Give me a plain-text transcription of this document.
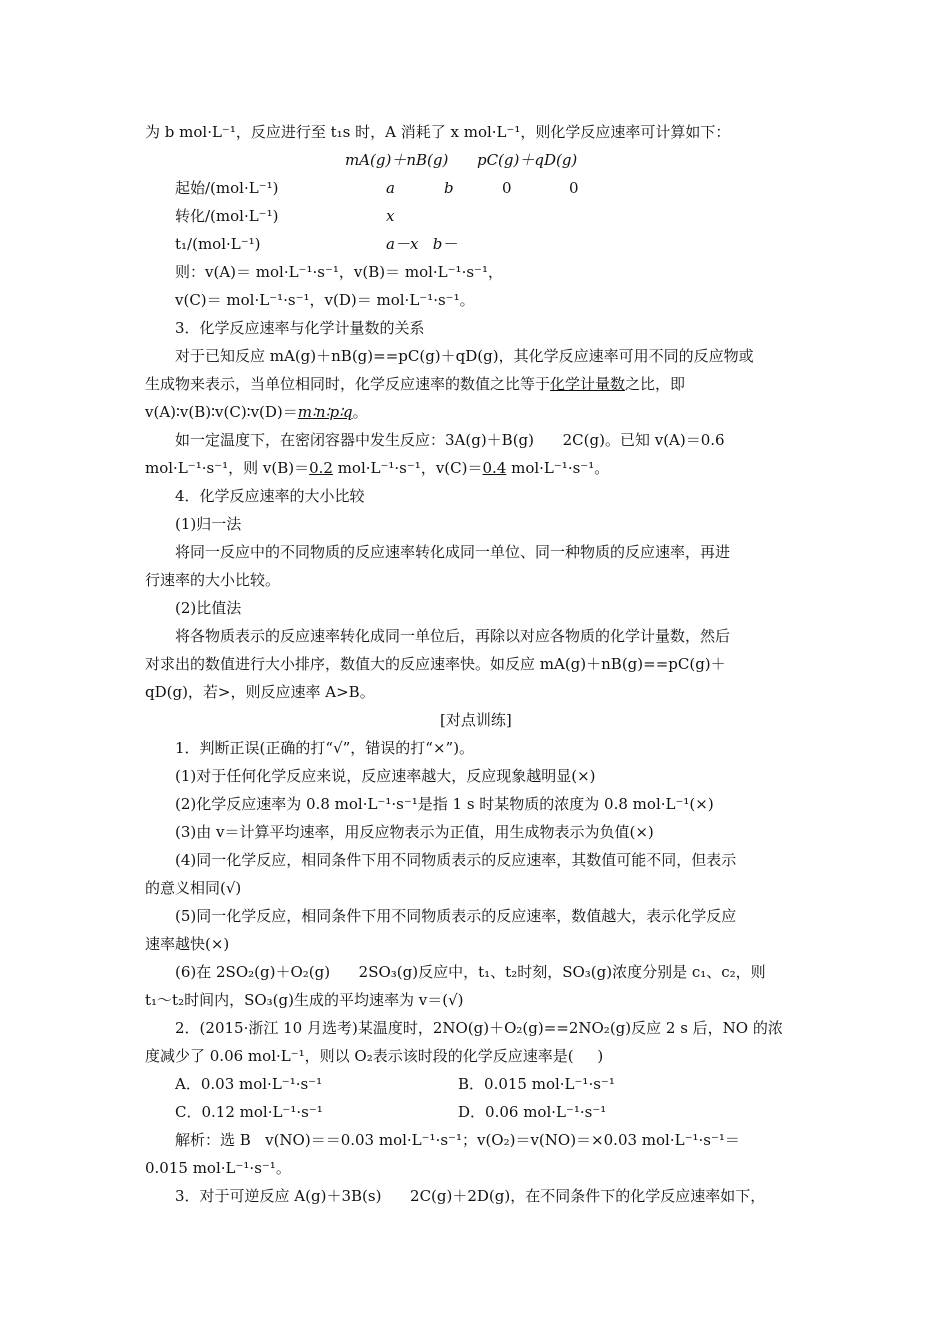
为 b mol·L⁻¹，反应进行至 t₁s 时，A 消耗了 x mol·L⁻¹，则化学反应速率可计算如下：
mA(g)＋nB(g)      pC(g)＋qD(g)
起始/(mol·L⁻¹)	a	b	0	0
转化/(mol·L⁻¹)	x
t₁/(mol·L⁻¹)	a－x   b－
则：v(A)＝ mol·L⁻¹·s⁻¹，v(B)＝ mol·L⁻¹·s⁻¹，
v(C)＝ mol·L⁻¹·s⁻¹，v(D)＝ mol·L⁻¹·s⁻¹。
3．化学反应速率与化学计量数的关系
对于已知反应 mA(g)＋nB(g)==pC(g)＋qD(g)，其化学反应速率可用不同的反应物或
生成物来表示，当单位相同时，化学反应速率的数值之比等于化学计量数之比，即
v(A)∶v(B)∶v(C)∶v(D)＝m∶n∶p∶q。
如一定温度下，在密闭容器中发生反应：3A(g)＋B(g)      2C(g)。已知 v(A)＝0.6
mol·L⁻¹·s⁻¹，则 v(B)＝0.2 mol·L⁻¹·s⁻¹，v(C)＝0.4 mol·L⁻¹·s⁻¹。
4．化学反应速率的大小比较
(1)归一法
将同一反应中的不同物质的反应速率转化成同一单位、同一种物质的反应速率，再进
行速率的大小比较。
(2)比值法
将各物质表示的反应速率转化成同一单位后，再除以对应各物质的化学计量数，然后
对求出的数值进行大小排序，数值大的反应速率快。如反应 mA(g)＋nB(g)==pC(g)＋
qD(g)，若>，则反应速率 A>B。
[对点训练]
1．判断正误(正确的打“√”，错误的打“×”)。
(1)对于任何化学反应来说，反应速率越大，反应现象越明显(×)
(2)化学反应速率为 0.8 mol·L⁻¹·s⁻¹是指 1 s 时某物质的浓度为 0.8 mol·L⁻¹(×)
(3)由 v＝计算平均速率，用反应物表示为正值，用生成物表示为负值(×)
(4)同一化学反应，相同条件下用不同物质表示的反应速率，其数值可能不同，但表示
的意义相同(√)
(5)同一化学反应，相同条件下用不同物质表示的反应速率，数值越大，表示化学反应
速率越快(×)
(6)在 2SO₂(g)＋O₂(g)      2SO₃(g)反应中，t₁、t₂时刻，SO₃(g)浓度分别是 c₁、c₂，则
t₁～t₂时间内，SO₃(g)生成的平均速率为 v＝(√)
2．(2015·浙江 10 月选考)某温度时，2NO(g)＋O₂(g)==2NO₂(g)反应 2 s 后，NO 的浓
度减少了 0.06 mol·L⁻¹，则以 O₂表示该时段的化学反应速率是(     )
A．0.03 mol·L⁻¹·s⁻¹	B．0.015 mol·L⁻¹·s⁻¹
C．0.12 mol·L⁻¹·s⁻¹	D．0.06 mol·L⁻¹·s⁻¹
解析：选 B   v(NO)＝＝0.03 mol·L⁻¹·s⁻¹；v(O₂)＝v(NO)＝×0.03 mol·L⁻¹·s⁻¹＝
0.015 mol·L⁻¹·s⁻¹。
3．对于可逆反应 A(g)＋3B(s)      2C(g)＋2D(g)，在不同条件下的化学反应速率如下，
